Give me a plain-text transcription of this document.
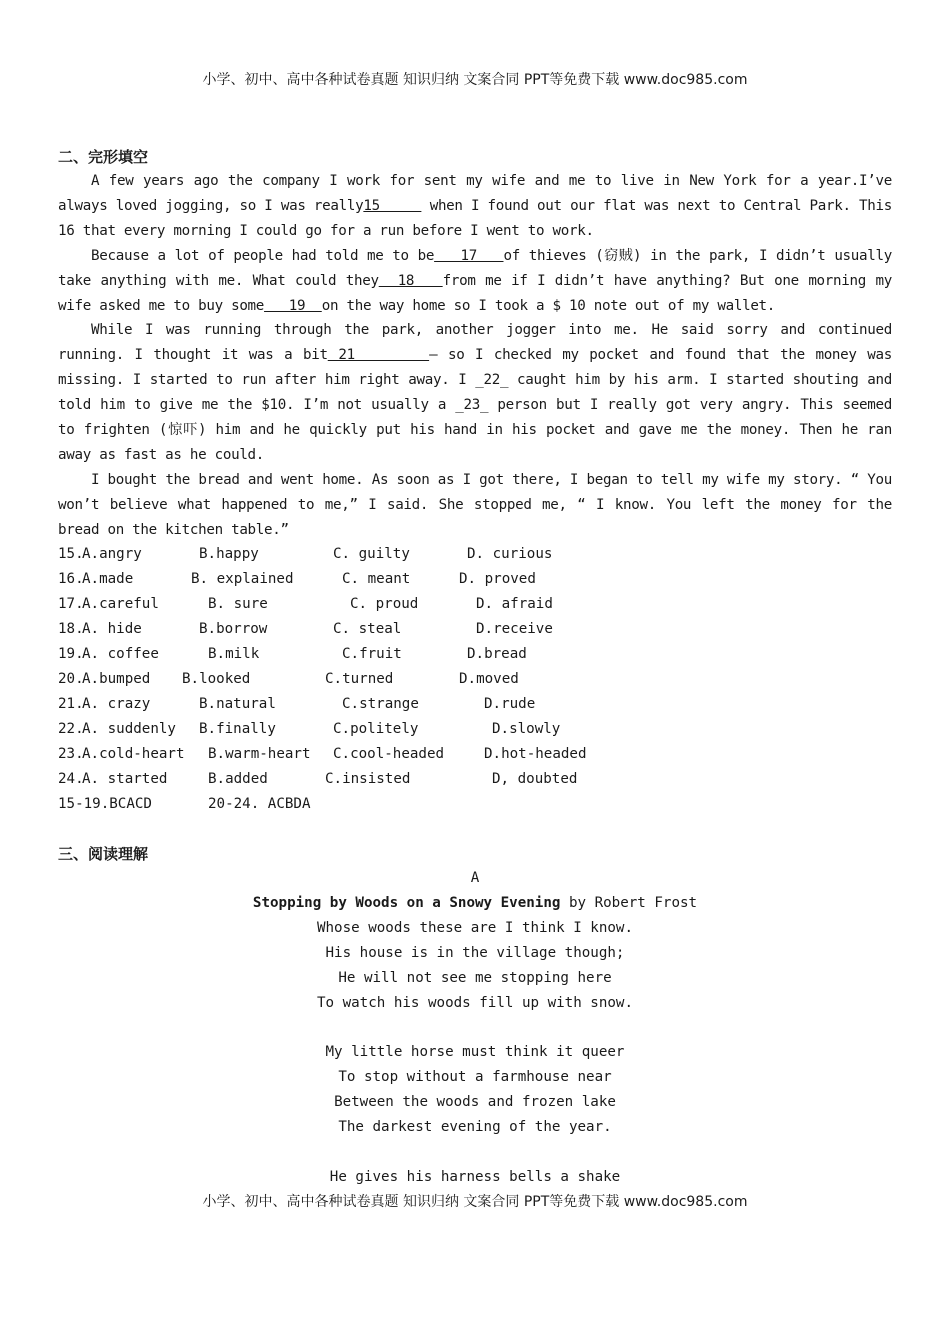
小学、初中、高中各种试卷真题 知识归纳 文案合同 PPT等免费下载 www.doc985.com
二、完形填空
A few years ago the company I work for sent my wife and me to live in New York for a year.I’ve always loved jogging, so I was really15      when I found out our flat was next to Central Park. This 16 that every morning I could go for a run before I went to work.
Because a lot of people had told me to be   17   of thieves (窃贼) in the park, I didn’t usually take anything with me. What could they  18   from me if I didn’t have anything? But one morning my wife asked me to buy some   19  on the way home so I took a $ 10 note out of my wallet.
While I was running through the park, another jogger into me. He said sorry and continued running. I thought it was a bit 21       — so I checked my pocket and found that the money was missing. I started to run after him right away. I _22_ caught him by his arm. I started shouting and told him to give me the $10. I’m not usually a _23_ person but I really got very angry. This seemed to frighten (惊吓) him and he quickly put his hand in his pocket and gave me the money. Then he ran away as fast as he could.
I bought the bread and went home. As soon as I got there, I began to tell my wife my story. “ You won’t believe what happened to me,” I said. She stopped me, “ I know. You left the money for the bread on the kitchen table.”
15.
A.angry	B.happy	C. guilty	D. curious
16.
A.made	B. explained	C. meant	D. proved
17.
A.careful	B. sure	C. proud	D. afraid
18.
A. hide	B.borrow	C. steal	D.receive
19.
A. coffee	B.milk	C.fruit	D.bread
20.
A.bumped B.looked	C.turned	D.moved
21.
A. crazy	B.natural	C.strange	D.rude
22.
A. suddenly B.finally	C.politely	D.slowly
23.
A.cold-heart B.warm-heart C.cool-headed	D.hot-headed
24.
A. started	B.added	C.insisted	D, doubted
15-19.BCACD	20-24. ACBDA
三、阅读理解
A
Stopping by Woods on a Snowy Evening by Robert Frost
Whose woods these are I think I know.
His house is in the village though;
He will not see me stopping here
To watch his woods fill up with snow.
My little horse must think it queer
To stop without a farmhouse near
Between the woods and frozen lake
The darkest evening of the year.
He gives his harness bells a shake
小学、初中、高中各种试卷真题 知识归纳 文案合同 PPT等免费下载 www.doc985.com
